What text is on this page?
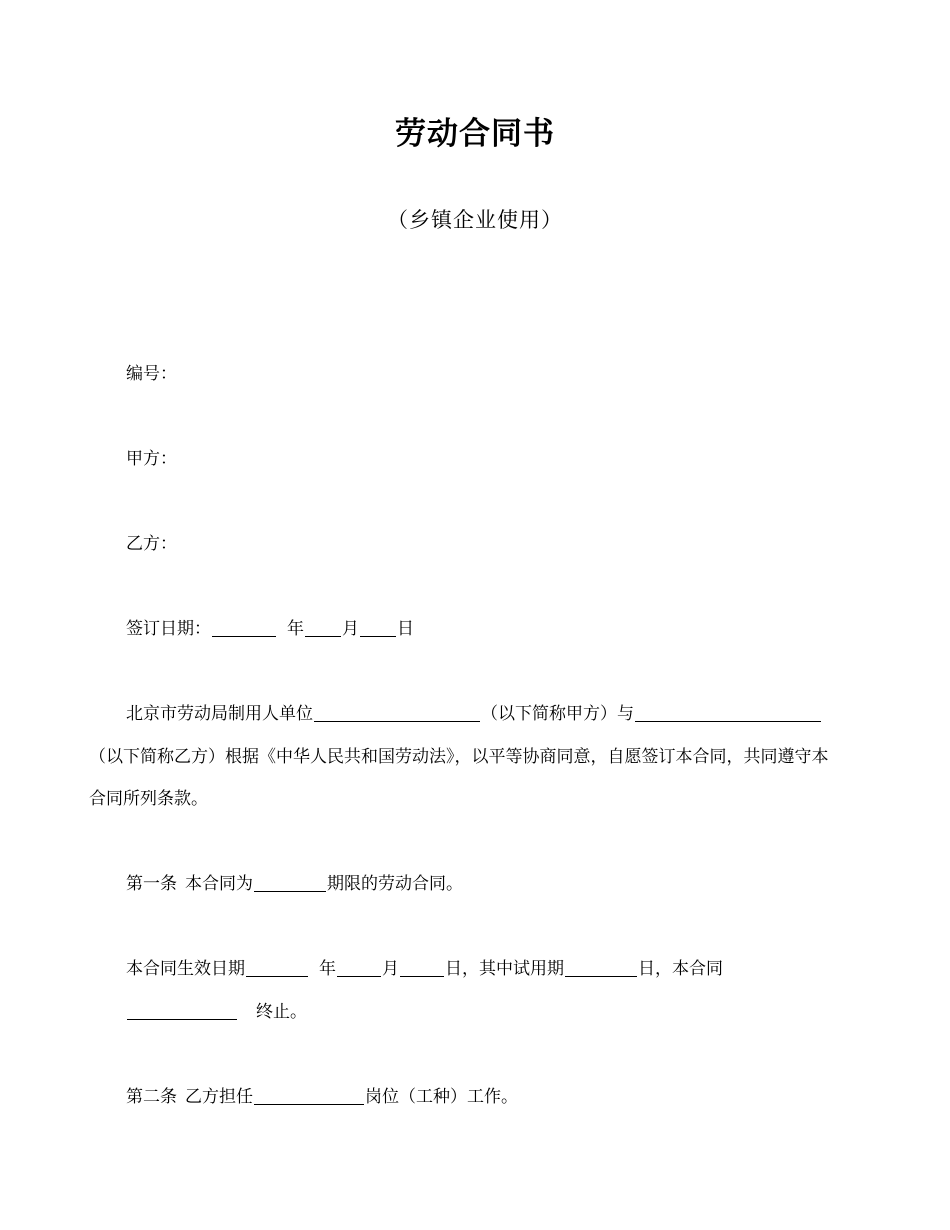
劳动合同书
（乡镇企业使用）
编号：
甲方：
乙方：
签订日期：	年 月 日
北京市劳动局制用人单位	（以下简称甲方）与
（以下简称乙方）根据《中华人民共和国劳动法》，以平等协商同意，自愿签订本合同，共同遵守本
合同所列条款。
第一条 本合同为	期限的劳动合同。
本合同生效日期	年	月	日，其中试用期	日，本合同
终止。
第二条 乙方担任	岗位（工种）工作。
